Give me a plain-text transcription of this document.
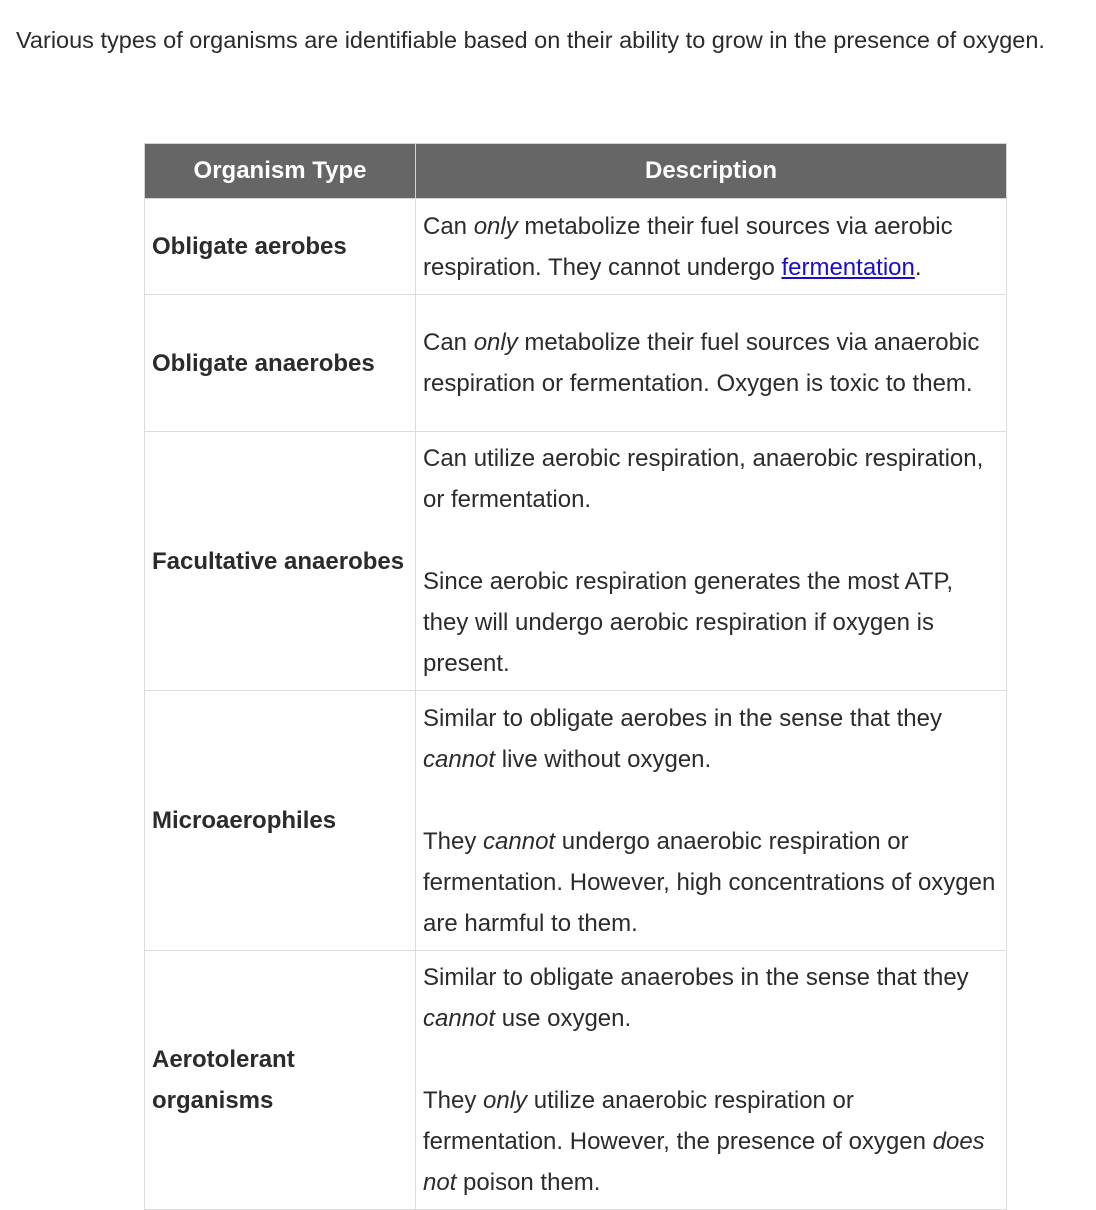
Various types of organisms are identifiable based on their ability to grow in the presence of oxygen.

Organism Type	Description
Obligate aerobes	Can only metabolize their fuel sources via aerobic respiration. They cannot undergo fermentation.

Obligate anaerobes	Can only metabolize their fuel sources via anaerobic respiration or fermentation. Oxygen is toxic to them.

Facultative anaerobes	Can utilize aerobic respiration, anaerobic respiration, or fermentation.

Since aerobic respiration generates the most ATP, they will undergo aerobic respiration if oxygen is present.

Microaerophiles	Similar to obligate aerobes in the sense that they cannot live without oxygen.

They cannot undergo anaerobic respiration or fermentation. However, high concentrations of oxygen are harmful to them.

Aerotolerant organisms	Similar to obligate anaerobes in the sense that they cannot use oxygen.

They only utilize anaerobic respiration or fermentation. However, the presence of oxygen does not poison them.
